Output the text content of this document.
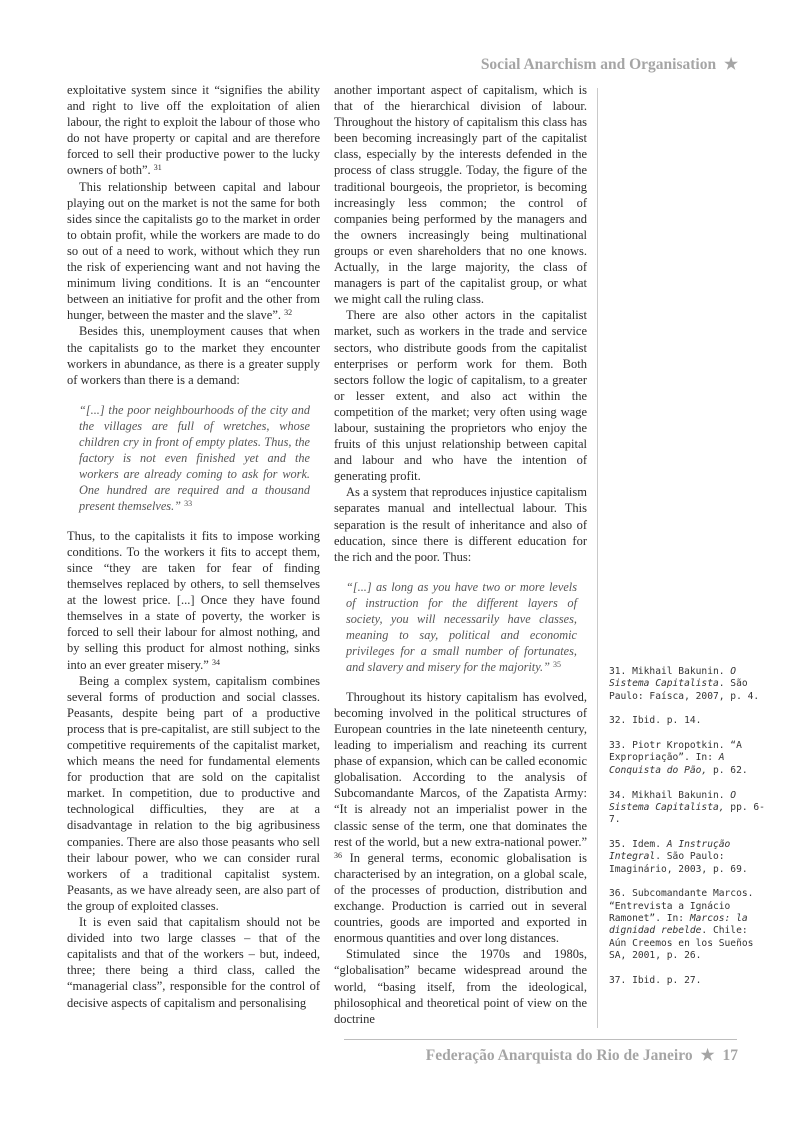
Social Anarchism and Organisation ★

exploitative system since it “signifies the ability and right to live off the exploitation of alien labour, the right to exploit the labour of those who do not have property or capital and are therefore forced to sell their productive power to the lucky owners of both”. $^{31}$

This relationship between capital and labour playing out on the market is not the same for both sides since the capitalists go to the market in order to obtain profit, while the workers are made to do so out of a need to work, without which they run the risk of experiencing want and not having the minimum living conditions. It is an “encounter between an initiative for profit and the other from hunger, between the master and the slave”. $^{32}$

Besides this, unemployment causes that when the capitalists go to the market they encounter workers in abundance, as there is a greater supply of workers than there is a demand:

“[...] the poor neighbourhoods of the city and the villages are full of wretches, whose children cry in front of empty plates. Thus, the factory is not even finished yet and the workers are already coming to ask for work. One hundred are required and a thousand present themselves.” $^{33}$

Thus, to the capitalists it fits to impose working conditions. To the workers it fits to accept them, since “they are taken for fear of finding themselves replaced by others, to sell themselves at the lowest price. [...] Once they have found themselves in a state of poverty, the worker is forced to sell their labour for almost nothing, and by selling this product for almost nothing, sinks into an ever greater misery.” $^{34}$

Being a complex system, capitalism combines several forms of production and social classes. Peasants, despite being part of a productive process that is pre-capitalist, are still subject to the competitive requirements of the capitalist market, which means the need for fundamental elements for production that are sold on the capitalist market. In competition, due to productive and technological difficulties, they are at a disadvantage in relation to the big agribusiness companies. There are also those peasants who sell their labour power, who we can consider rural workers of a traditional capitalist system. Peasants, as we have already seen, are also part of the group of exploited classes.

It is even said that capitalism should not be divided into two large classes – that of the capitalists and that of the workers – but, indeed, three; there being a third class, called the “managerial class”, responsible for the control of decisive aspects of capitalism and personalising

another important aspect of capitalism, which is that of the hierarchical division of labour. Throughout the history of capitalism this class has been becoming increasingly part of the capitalist class, especially by the interests defended in the process of class struggle. Today, the figure of the traditional bourgeois, the proprietor, is becoming increasingly less common; the control of companies being performed by the managers and the owners increasingly being multinational groups or even shareholders that no one knows. Actually, in the large majority, the class of managers is part of the capitalist group, or what we might call the ruling class.

There are also other actors in the capitalist market, such as workers in the trade and service sectors, who distribute goods from the capitalist enterprises or perform work for them. Both sectors follow the logic of capitalism, to a greater or lesser extent, and also act within the competition of the market; very often using wage labour, sustaining the proprietors who enjoy the fruits of this unjust relationship between capital and labour and who have the intention of generating profit.

As a system that reproduces injustice capitalism separates manual and intellectual labour. This separation is the result of inheritance and also of education, since there is different education for the rich and the poor. Thus:

“[...] as long as you have two or more levels of instruction for the different layers of society, you will necessarily have classes, meaning to say, political and economic privileges for a small number of fortunates, and slavery and misery for the majority.” $^{35}$

Throughout its history capitalism has evolved, becoming involved in the political structures of European countries in the late nineteenth century, leading to imperialism and reaching its current phase of expansion, which can be called economic globalisation. According to the analysis of Subcomandante Marcos, of the Zapatista Army: “It is already not an imperialist power in the classic sense of the term, one that dominates the rest of the world, but a new extra-national power.” $^{36}$ In general terms, economic globalisation is characterised by an integration, on a global scale, of the processes of production, distribution and exchange. Production is carried out in several countries, goods are imported and exported in enormous quantities and over long distances.

Stimulated since the 1970s and 1980s, “globalisation” became widespread around the world, “basing itself, from the ideological, philosophical and theoretical point of view on the doctrine

31. Mikhail Bakunin. O Sistema Capitalista. São Paulo: Faísca, 2007, p. 4.
32. Ibid. p. 14.
33. Piotr Kropotkin. “A Expropriação”. In: A Conquista do Pão, p. 62.
34. Mikhail Bakunin. O Sistema Capitalista, pp. 6-7.
35. Idem. A Instrução Integral. São Paulo: Imaginário, 2003, p. 69.
36. Subcomandante Marcos. “Entrevista a Ignácio Ramonet”. In: Marcos: la dignidad rebelde. Chile: Aún Creemos en los Sueños SA, 2001, p. 26.
37. Ibid. p. 27.
Federação Anarquista do Rio de Janeiro ★ 17
